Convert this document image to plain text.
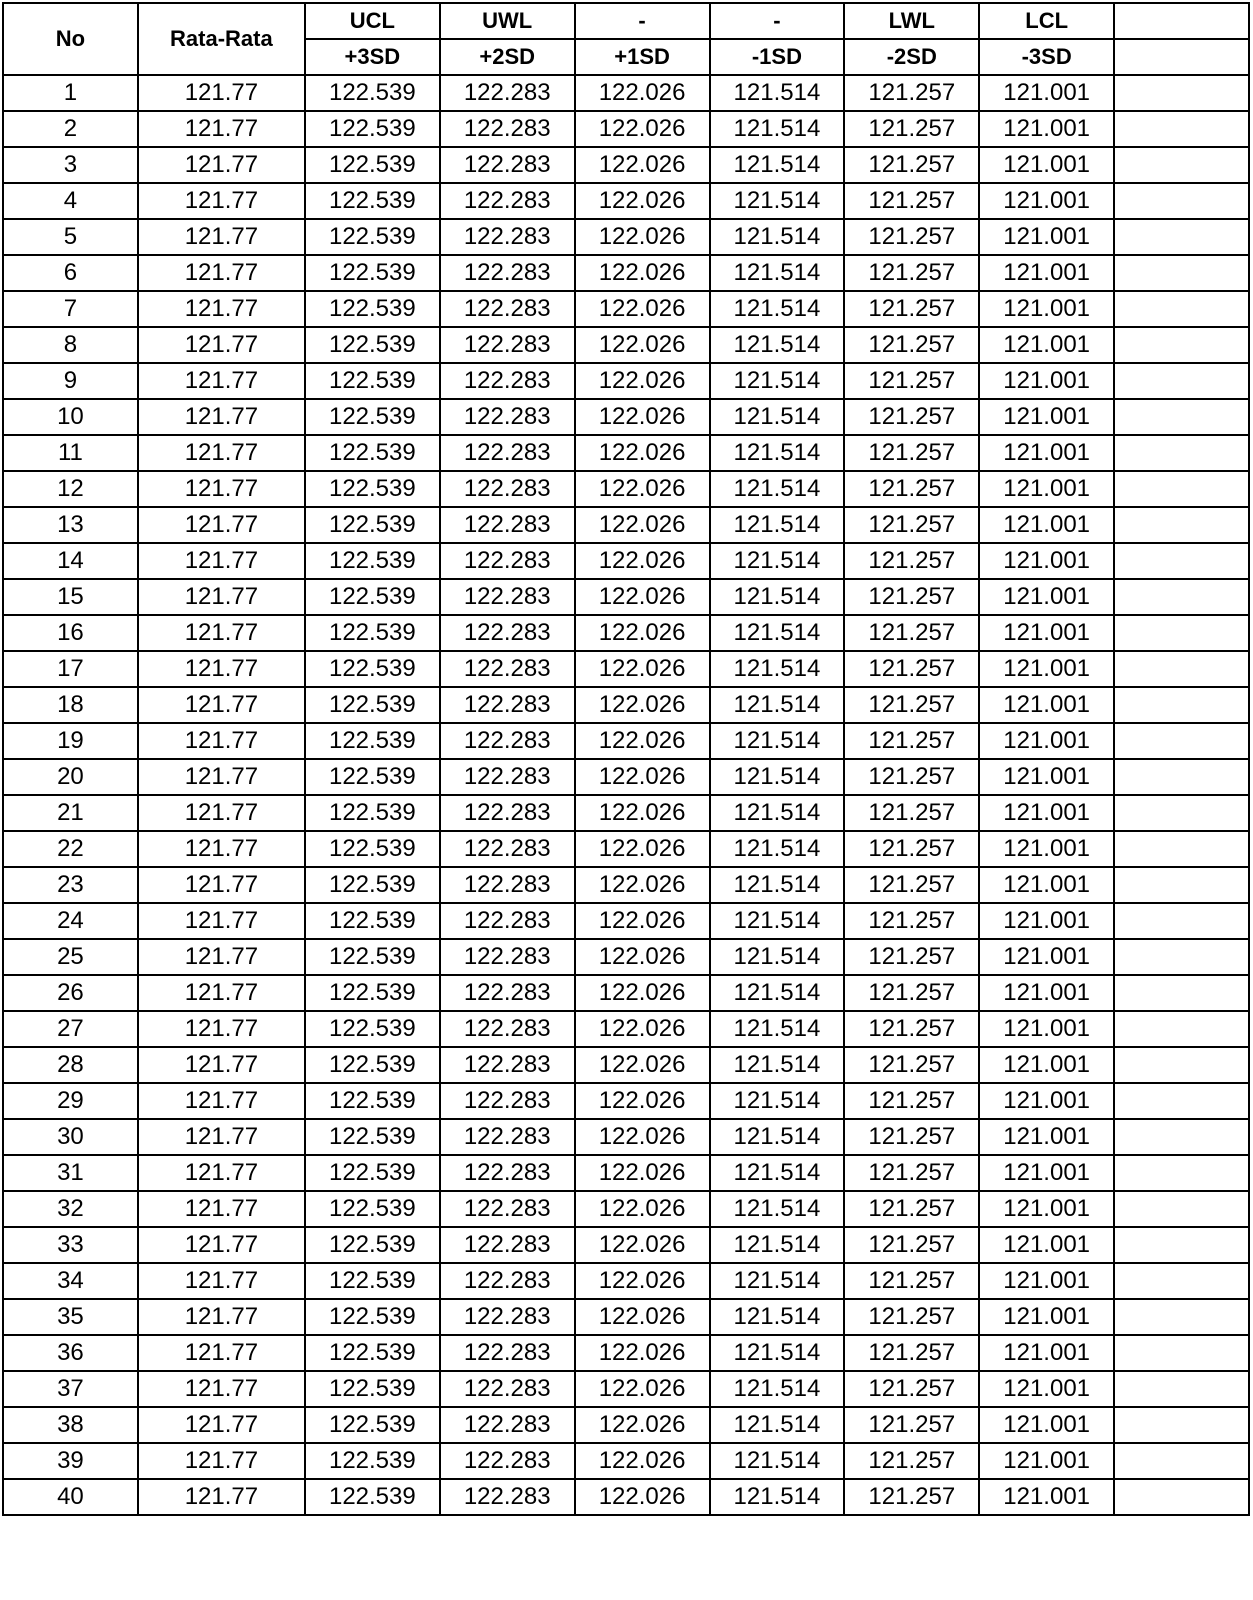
No	Rata-Rata	UCL	UWL	-	-	LWL	LCL	
		+3SD	+2SD	+1SD	-1SD	-2SD	-3SD	
1	121.77	122.539	122.283	122.026	121.514	121.257	121.001	
2	121.77	122.539	122.283	122.026	121.514	121.257	121.001	
3	121.77	122.539	122.283	122.026	121.514	121.257	121.001	
4	121.77	122.539	122.283	122.026	121.514	121.257	121.001	
5	121.77	122.539	122.283	122.026	121.514	121.257	121.001	
6	121.77	122.539	122.283	122.026	121.514	121.257	121.001	
7	121.77	122.539	122.283	122.026	121.514	121.257	121.001	
8	121.77	122.539	122.283	122.026	121.514	121.257	121.001	
9	121.77	122.539	122.283	122.026	121.514	121.257	121.001	
10	121.77	122.539	122.283	122.026	121.514	121.257	121.001	
11	121.77	122.539	122.283	122.026	121.514	121.257	121.001	
12	121.77	122.539	122.283	122.026	121.514	121.257	121.001	
13	121.77	122.539	122.283	122.026	121.514	121.257	121.001	
14	121.77	122.539	122.283	122.026	121.514	121.257	121.001	
15	121.77	122.539	122.283	122.026	121.514	121.257	121.001	
16	121.77	122.539	122.283	122.026	121.514	121.257	121.001	
17	121.77	122.539	122.283	122.026	121.514	121.257	121.001	
18	121.77	122.539	122.283	122.026	121.514	121.257	121.001	
19	121.77	122.539	122.283	122.026	121.514	121.257	121.001	
20	121.77	122.539	122.283	122.026	121.514	121.257	121.001	
21	121.77	122.539	122.283	122.026	121.514	121.257	121.001	
22	121.77	122.539	122.283	122.026	121.514	121.257	121.001	
23	121.77	122.539	122.283	122.026	121.514	121.257	121.001	
24	121.77	122.539	122.283	122.026	121.514	121.257	121.001	
25	121.77	122.539	122.283	122.026	121.514	121.257	121.001	
26	121.77	122.539	122.283	122.026	121.514	121.257	121.001	
27	121.77	122.539	122.283	122.026	121.514	121.257	121.001	
28	121.77	122.539	122.283	122.026	121.514	121.257	121.001	
29	121.77	122.539	122.283	122.026	121.514	121.257	121.001	
30	121.77	122.539	122.283	122.026	121.514	121.257	121.001	
31	121.77	122.539	122.283	122.026	121.514	121.257	121.001	
32	121.77	122.539	122.283	122.026	121.514	121.257	121.001	
33	121.77	122.539	122.283	122.026	121.514	121.257	121.001	
34	121.77	122.539	122.283	122.026	121.514	121.257	121.001	
35	121.77	122.539	122.283	122.026	121.514	121.257	121.001	
36	121.77	122.539	122.283	122.026	121.514	121.257	121.001	
37	121.77	122.539	122.283	122.026	121.514	121.257	121.001	
38	121.77	122.539	122.283	122.026	121.514	121.257	121.001	
39	121.77	122.539	122.283	122.026	121.514	121.257	121.001	
40	121.77	122.539	122.283	122.026	121.514	121.257	121.001	
